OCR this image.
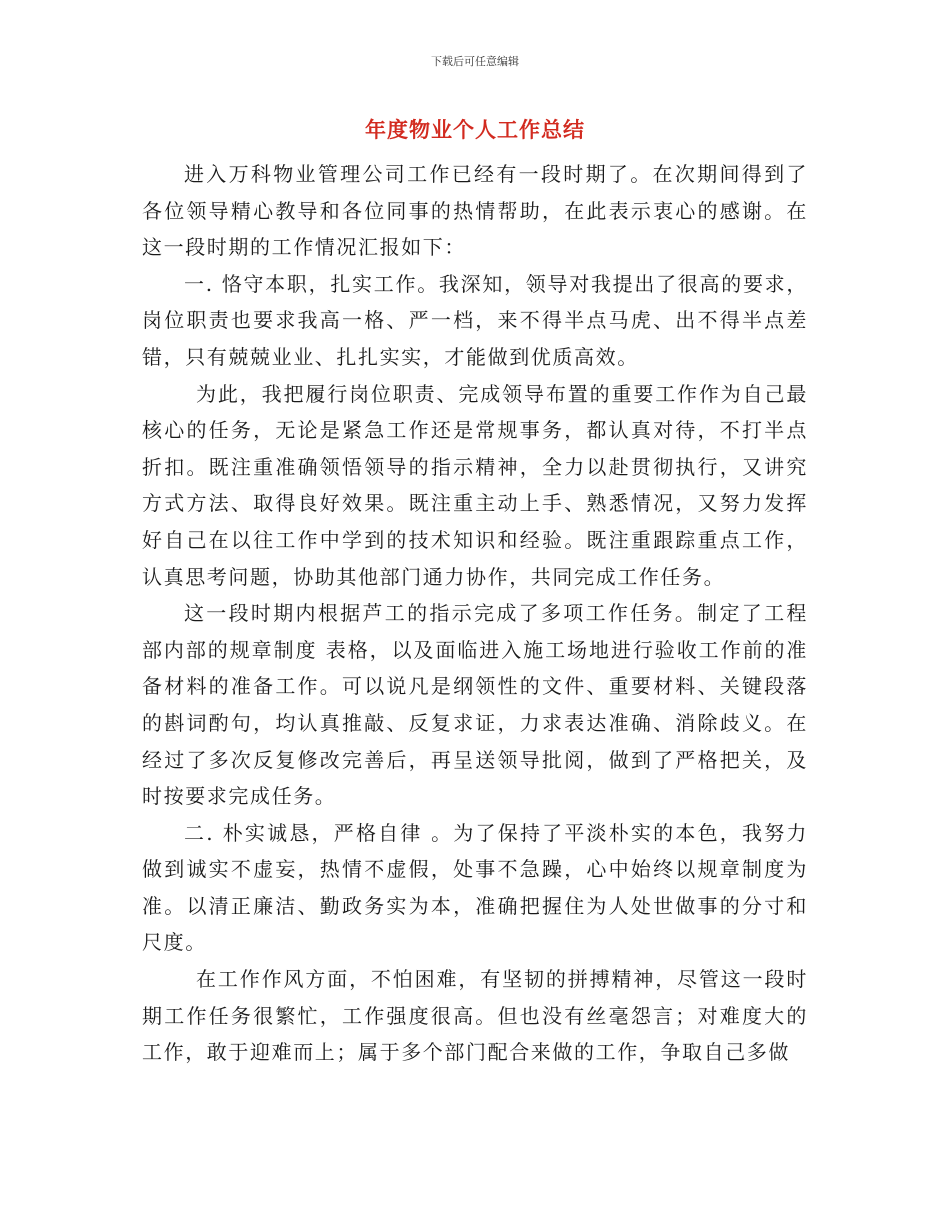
下载后可任意编辑
年度物业个人工作总结

进入万科物业管理公司工作已经有一段时期了。在次期间得到了各位领导精心教导和各位同事的热情帮助，在此表示衷心的感谢。在这一段时期的工作情况汇报如下：

一. 恪守本职，扎实工作。我深知，领导对我提出了很高的要求，岗位职责也要求我高一格、严一档，来不得半点马虎、出不得半点差错，只有兢兢业业、扎扎实实，才能做到优质高效。

为此，我把履行岗位职责、完成领导布置的重要工作作为自己最核心的任务，无论是紧急工作还是常规事务，都认真对待，不打半点折扣。既注重准确领悟领导的指示精神，全力以赴贯彻执行，又讲究方式方法、取得良好效果。既注重主动上手、熟悉情况，又努力发挥好自己在以往工作中学到的技术知识和经验。既注重跟踪重点工作，认真思考问题，协助其他部门通力协作，共同完成工作任务。

这一段时期内根据芦工的指示完成了多项工作任务。制定了工程部内部的规章制度 表格，以及面临进入施工场地进行验收工作前的准备材料的准备工作。可以说凡是纲领性的文件、重要材料、关键段落的斟词酌句，均认真推敲、反复求证，力求表达准确、消除歧义。在经过了多次反复修改完善后，再呈送领导批阅，做到了严格把关，及时按要求完成任务。

二. 朴实诚恳，严格自律 。为了保持了平淡朴实的本色，我努力做到诚实不虚妄，热情不虚假，处事不急躁，心中始终以规章制度为准。以清正廉洁、勤政务实为本，准确把握住为人处世做事的分寸和尺度。

在工作作风方面，不怕困难，有坚韧的拼搏精神，尽管这一段时期工作任务很繁忙，工作强度很高。但也没有丝毫怨言；对难度大的工作，敢于迎难而上；属于多个部门配合来做的工作，争取自己多做
